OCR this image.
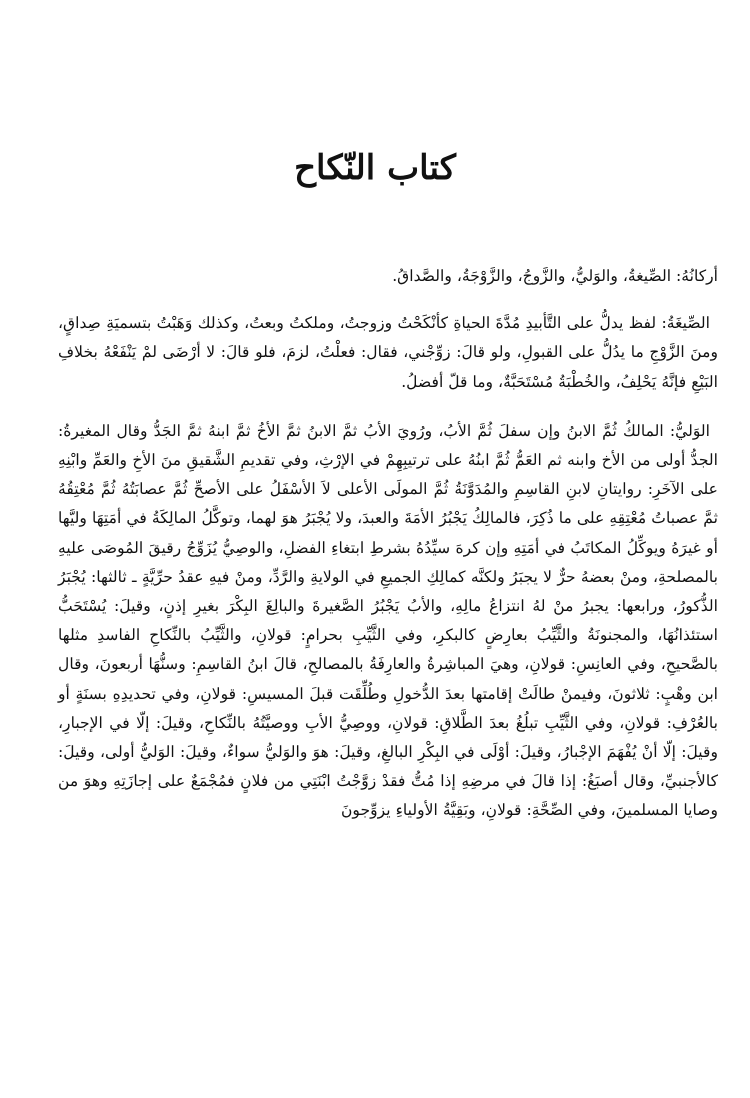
كتاب النّكاح

أركانُهُ: الصِّيغةُ، والوَليُّ، والزَّوجُ، والزَّوْجَةُ، والصَّداقُ.

الصِّيغَةُ: لفظ يدلُّ على التَّأبيدِ مُدَّةَ الحياةِ كأنْكَحْتُ وزوجتُ، وملكتُ وبعتُ، وكذلك وَهَبْتُ بتسميَةِ صِداقٍ، ومنَ الزَّوْجِ ما يدُلُّ على القبولِ، ولو قالَ: زوِّجْني، فقال: فعلْتُ، لزمَ، فلو قالَ: لا أرْضَى لمْ يَنْفَعْهُ بخلافِ البَيْعِ فإنَّهُ يَحْلِفُ، والخُطْبَةُ مُسْتَحَبَّةٌ، وما قلّ أفضلُ.

الوَليُّ: المالكُ ثُمَّ الابنُ وإن سفلَ ثُمَّ الأبُ، ورُويَ الأبُ ثمَّ الابنُ ثمَّ الأخُ ثمَّ ابنهُ ثمَّ الجَدُّ وقال المغيرةُ: الجدُّ أولى من الأخ وابنه ثم العَمُّ ثُمَّ ابنُهُ على ترتيبِهِمْ في الإرْثِ، وفي تقديمِ الشَّقيقِ منَ الأخِ والعَمِّ وابْنِهِ على الآخَرِ: روايتانِ لابنِ القاسِمِ والمُدَوَّنَةُ ثُمَّ المولَى الأعلى لاَ الأسْفَلُ على الأصحِّ ثُمَّ عصابَتُهُ ثُمَّ مُعْتِقُهُ ثمَّ عصباتُ مُعْتِقِهِ على ما ذُكِرَ، فالمالِكُ يَجْبُرُ الأمَةَ والعبدَ، ولا يُجْبَرُ هوَ لهما، وتوكَّلُ المالِكَةُ في أمَتِهَا وليَّها أو غيرَهُ ويوكِّلُ المكاتَبُ في أمَتِهِ وإن كرهَ سيِّدُهُ بشرطِ ابتغاءِ الفضلِ، والوصِيُّ يُزَوِّجُ رقيقَ المُوصَى عليهِ بالمصلحةِ، ومنْ بعضهُ حرٌّ لا يجبَرُ ولكنَّه كمالِكِ الجميعِ في الولايةِ والرَّدِّ، ومنْ فيهِ عقدُ حرِّيَّةٍ ـ ثالثها: يُجْبَرُ الذُّكورُ، ورابعها: يجبرُ منْ لهُ انتزاعُ مالِهِ، والأبُ يَجْبُرُ الصَّغيرةَ والبالِغَ البِكْرَ بغيرِ إذنٍ، وقيلَ: يُسْتَحَبُّ استئذانُهَا، والمجنونَةُ والثَّيِّبُ بعارِضٍ كالبكرِ، وفي الثَّيِّبِ بحرامٍ: قولانِ، والثَّيِّبُ بالنِّكاحِ الفاسدِ مثلها بالصَّحيحِ، وفي العانِسِ: قولانِ، وهيَ المباشِرةُ والعارِفَةُ بالمصالحِ، قالَ ابنُ القاسِمِ: وسنُّهَا أربعونَ، وقال ابن وهْبٍ: ثلاثونَ، وفيمنْ طالَتْ إقامتها بعدَ الدُّخولِ وطُلِّقَت قبلَ المسيسِ: قولانِ، وفي تحديدِهِ بسنَةٍ أو بالعُرْفِ: قولانِ، وفي الثَّيِّبِ تبلُغُ بعدَ الطَّلاقِ: قولانِ، ووصِيُّ الأبِ ووصيَّتُهُ بالنِّكاحِ، وقيلَ: إلّا في الإجبارِ، وقيلَ: إلّا أنْ يُفْهَمَ الإجْبارُ، وقيلَ: أوْلَى في البِكْرِ البالغِ، وقيلَ: هوَ والوَليُّ سواءٌ، وقيلَ: الوَليُّ أولى، وقيلَ: كالأجنبيِّ، وقال أصبَغُ: إذا قالَ في مرضِهِ إذا مُتُّ فقدْ زوَّجْتُ ابْنَتِي من فلانٍ فمُجْمَعٌ على إجازَتِهِ وهوَ من وصايا المسلمينَ، وفي الصِّحَّةِ: قولانِ، وبَقِيَّةُ الأولياءِ يزوِّجونَ
